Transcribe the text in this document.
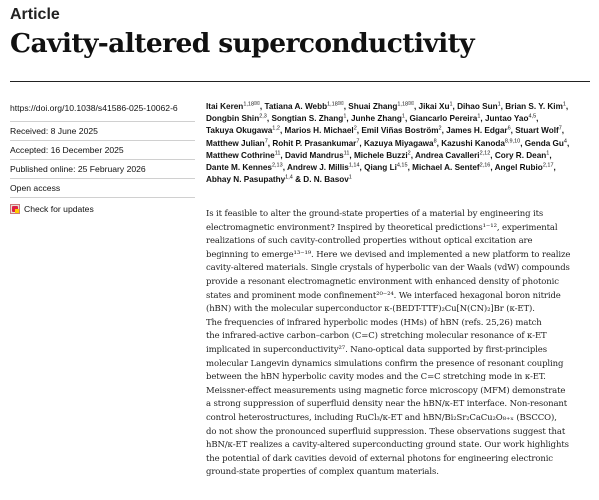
Article
Cavity-altered superconductivity
https://doi.org/10.1038/s41586-025-10062-6
Received: 8 June 2025
Accepted: 16 December 2025
Published online: 25 February 2026
Open access
Check for updates
Itai Keren$^{1,18}$✉, Tatiana A. Webb$^{1,18}$✉, Shuai Zhang$^{1,18}$✉, Jikai Xu$^1$, Dihao Sun$^1$, Brian S. Y. Kim$^1$,
Dongbin Shin$^{2,3}$, Songtian S. Zhang$^1$, Junhe Zhang$^1$, Giancarlo Pereira$^1$, Juntao Yao$^{4,5}$,
Takuya Okugawa$^{1,2}$, Marios H. Michael$^2$, Emil Viñas Boström$^2$, James H. Edgar$^6$, Stuart Wolf$^7$,
Matthew Julian$^7$, Rohit P. Prasankumar$^7$, Kazuya Miyagawa$^8$, Kazushi Kanoda$^{8,9,10}$, Genda Gu$^4$,
Matthew Cothrine$^{11}$, David Mandrus$^{11}$, Michele Buzzi$^2$, Andrea Cavalleri$^{2,12}$, Cory R. Dean$^1$,
Dante M. Kennes$^{2,13}$, Andrew J. Millis$^{1,14}$, Qiang Li$^{4,15}$, Michael A. Sentef$^{2,16}$, Angel Rubio$^{2,17}$,
Abhay N. Pasupathy$^{1,4}$ & D. N. Basov$^1$
Is it feasible to alter the ground-state properties of a material by engineering its
electromagnetic environment? Inspired by theoretical predictions¹⁻¹², experimental
realizations of such cavity-controlled properties without optical excitation are
beginning to emerge¹³⁻¹⁹. Here we devised and implemented a new platform to realize
cavity-altered materials. Single crystals of hyperbolic van der Waals (vdW) compounds
provide a resonant electromagnetic environment with enhanced density of photonic
states and prominent mode confinement²⁰⁻²⁴. We interfaced hexagonal boron nitride
(hBN) with the molecular superconductor κ-(BEDT-TTF)₂Cu[N(CN)₂]Br (κ-ET).
The frequencies of infrared hyperbolic modes (HMs) of hBN (refs. 25,26) match
the infrared-active carbon–carbon (C=C) stretching molecular resonance of κ-ET
implicated in superconductivity²⁷. Nano-optical data supported by first-principles
molecular Langevin dynamics simulations confirm the presence of resonant coupling
between the hBN hyperbolic cavity modes and the C=C stretching mode in κ-ET.
Meissner-effect measurements using magnetic force microscopy (MFM) demonstrate
a strong suppression of superfluid density near the hBN/κ-ET interface. Non-resonant
control heterostructures, including RuCl₃/κ-ET and hBN/Bi₂Sr₂CaCu₂O₈₊ₓ (BSCCO),
do not show the pronounced superfluid suppression. These observations suggest that
hBN/κ-ET realizes a cavity-altered superconducting ground state. Our work highlights
the potential of dark cavities devoid of external photons for engineering electronic
ground-state properties of complex quantum materials.
